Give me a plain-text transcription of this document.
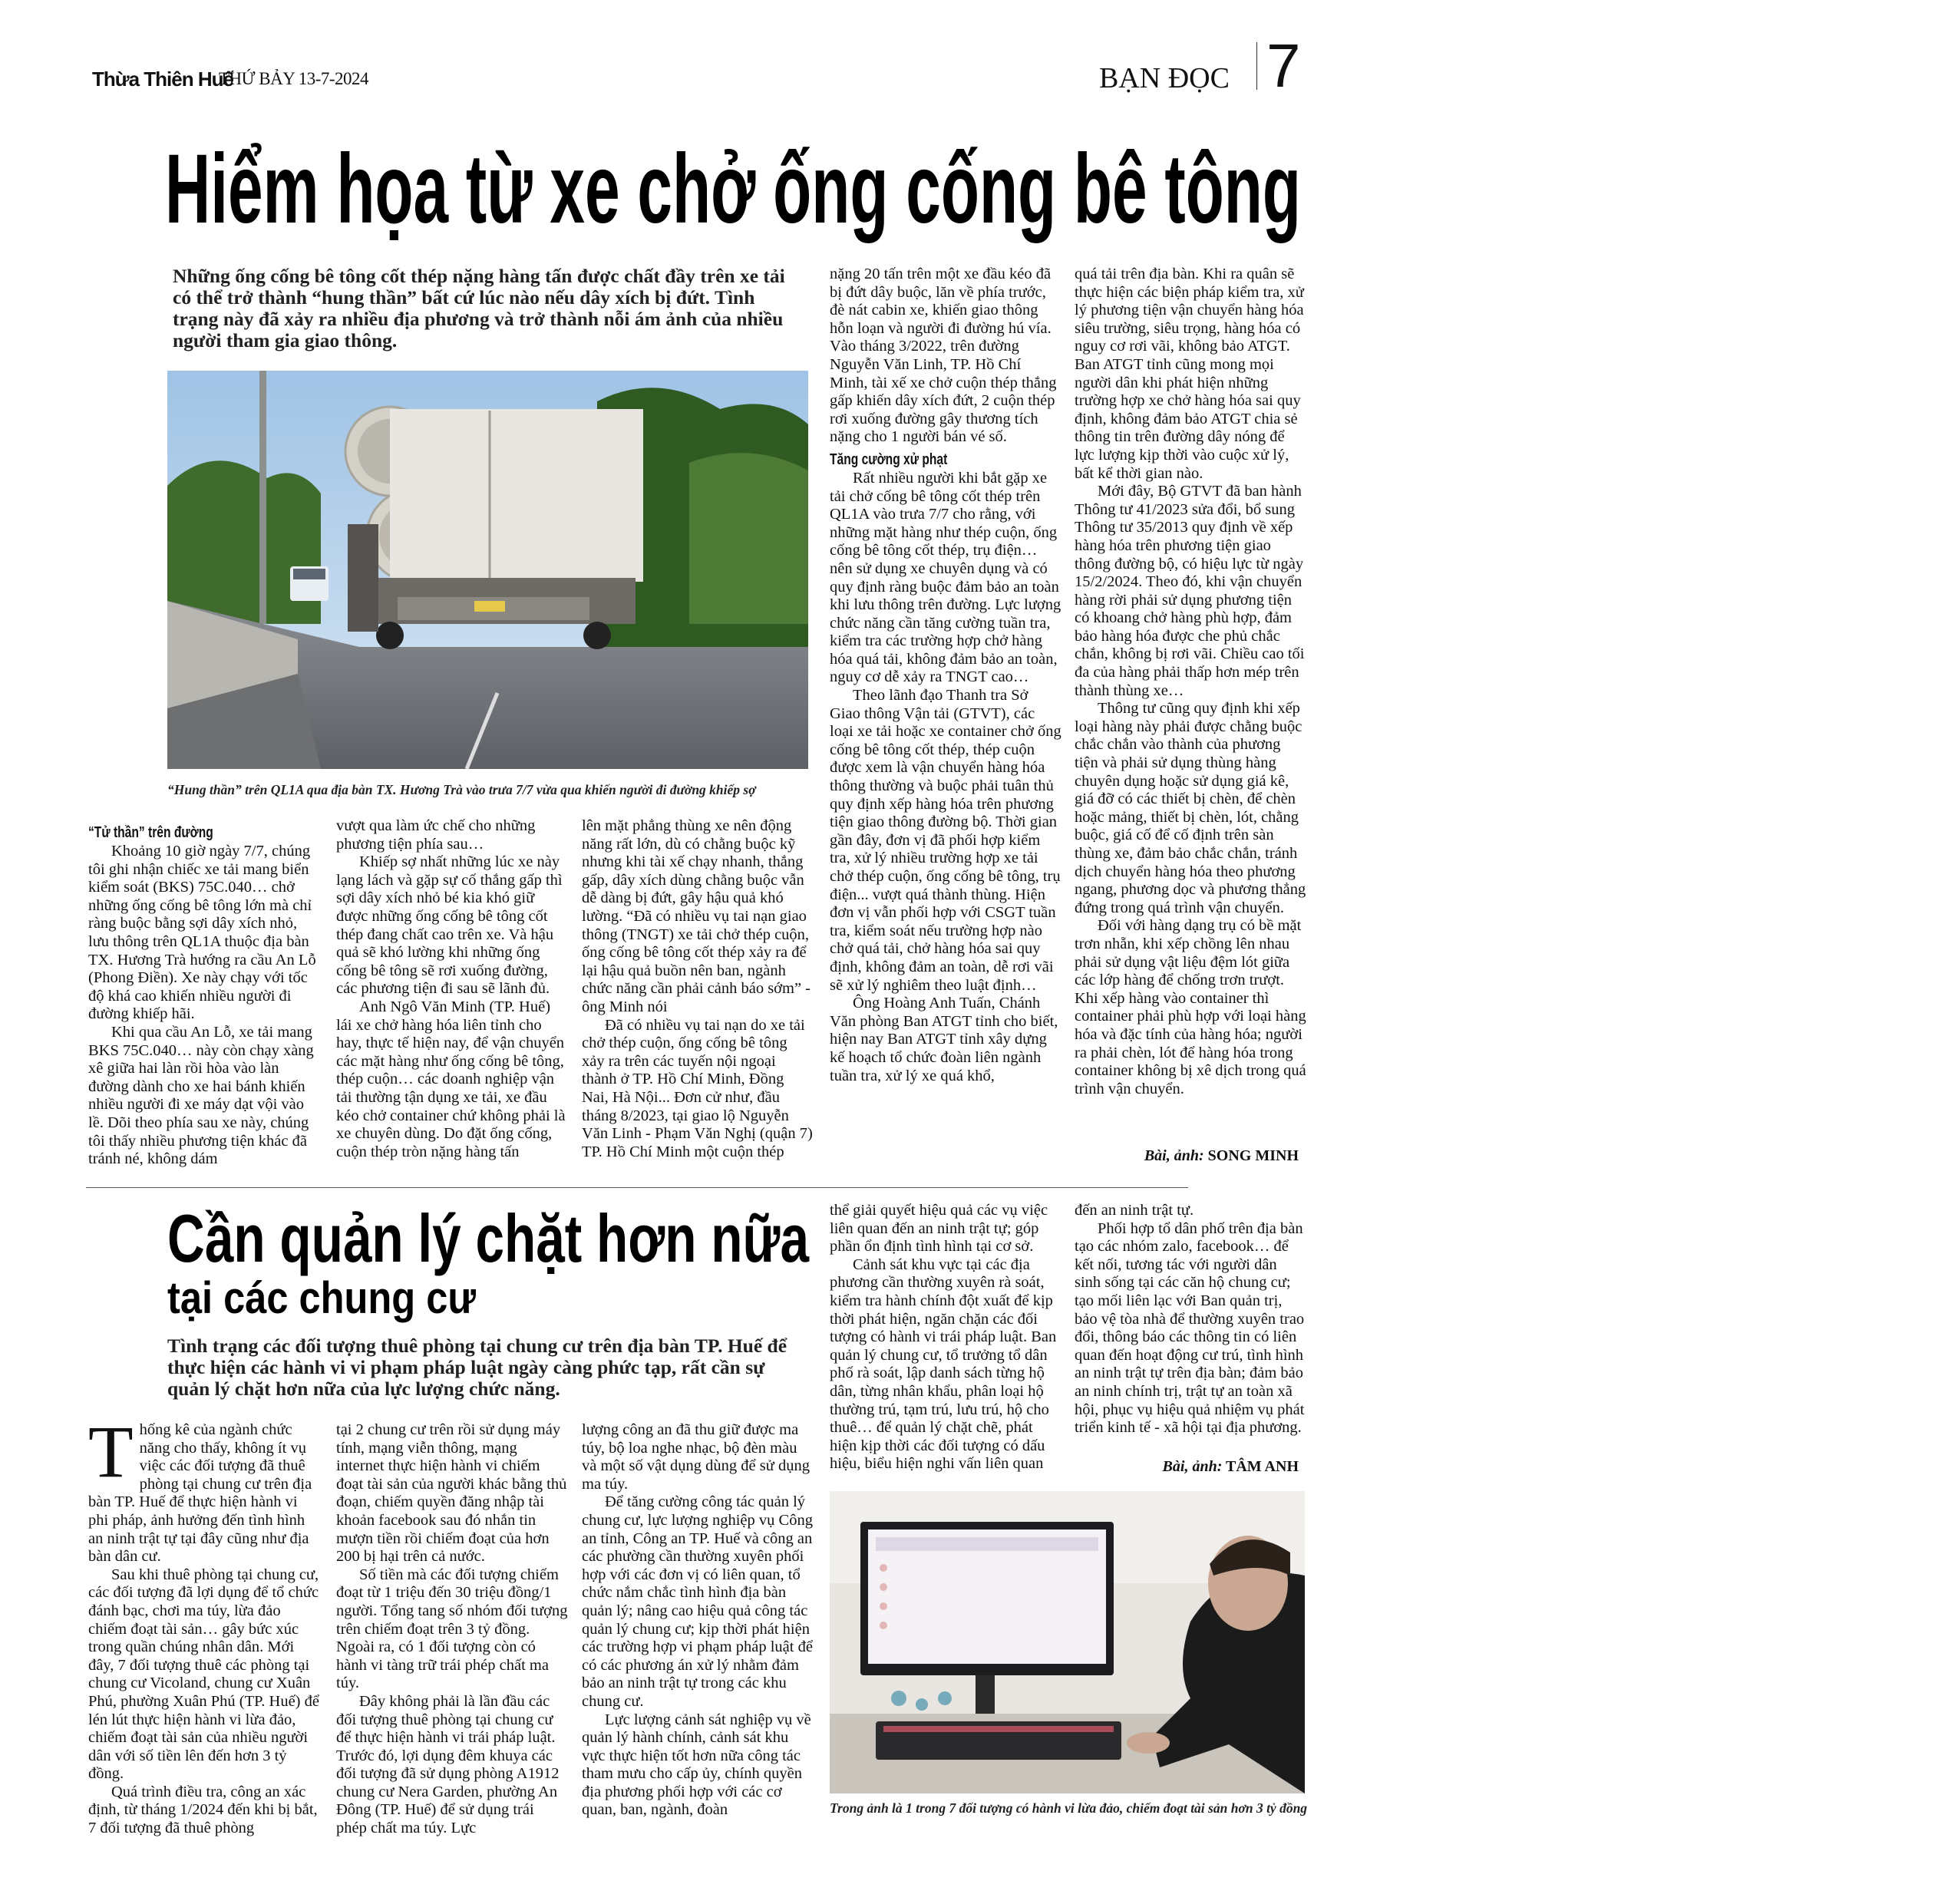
Thừa Thiên Huế
THỨ BẢY 13-7-2024	BẠN ĐỌC 7
Hiểm họa từ xe chở ống cống bê tông
Những ống cống bê tông cốt thép nặng hàng tấn được chất đầy trên xe tải có thể trở thành “hung thần” bất cứ lúc nào nếu dây xích bị đứt. Tình trạng này đã xảy ra nhiều địa phương và trở thành nỗi ám ảnh của nhiều người tham gia giao thông.
“Hung thần” trên QL1A qua địa bàn TX. Hương Trà vào trưa 7/7 vừa qua khiến người đi đường khiếp sợ
“Tử thần” trên đường

Khoảng 10 giờ ngày 7/7, chúng tôi ghi nhận chiếc xe tải mang biển kiểm soát (BKS) 75C.040… chở những ống cống bê tông lớn mà chỉ ràng buộc bằng sợi dây xích nhỏ, lưu thông trên QL1A thuộc địa bàn TX. Hương Trà hướng ra cầu An Lỗ (Phong Điền). Xe này chạy với tốc độ khá cao khiến nhiều người đi đường khiếp hãi.

Khi qua cầu An Lỗ, xe tải mang BKS 75C.040… này còn chạy xàng xê giữa hai làn rồi hòa vào làn đường dành cho xe hai bánh khiến nhiều người đi xe máy dạt vội vào lề. Dõi theo phía sau xe này, chúng tôi thấy nhiều phương tiện khác đã tránh né, không dám

vượt qua làm ức chế cho những phương tiện phía sau…

Khiếp sợ nhất những lúc xe này lạng lách và gặp sự cố thắng gấp thì sợi dây xích nhỏ bé kia khó giữ được những ống cống bê tông cốt thép đang chất cao trên xe. Và hậu quả sẽ khó lường khi những ống cống bê tông sẽ rơi xuống đường, các phương tiện đi sau sẽ lãnh đủ.

Anh Ngô Văn Minh (TP. Huế) lái xe chở hàng hóa liên tỉnh cho hay, thực tế hiện nay, để vận chuyển các mặt hàng như ống cống bê tông, thép cuộn… các doanh nghiệp vận tải thường tận dụng xe tải, xe đầu kéo chở container chứ không phải là xe chuyên dùng. Do đặt ống cống, cuộn thép tròn nặng hàng tấn

lên mặt phẳng thùng xe nên động năng rất lớn, dù có chằng buộc kỹ nhưng khi tài xế chạy nhanh, thắng gấp, dây xích dùng chằng buộc vẫn dễ dàng bị đứt, gây hậu quả khó lường. “Đã có nhiều vụ tai nạn giao thông (TNGT) xe tải chở thép cuộn, ống cống bê tông cốt thép xảy ra để lại hậu quả buồn nên ban, ngành chức năng cần phải cảnh báo sớm” - ông Minh nói

Đã có nhiều vụ tai nạn do xe tải chở thép cuộn, ống cống bê tông xảy ra trên các tuyến nội ngoại thành ở TP. Hồ Chí Minh, Đồng Nai, Hà Nội... Đơn cử như, đầu tháng 8/2023, tại giao lộ Nguyễn Văn Linh - Phạm Văn Nghị (quận 7) TP. Hồ Chí Minh một cuộn thép

nặng 20 tấn trên một xe đầu kéo đã bị đứt dây buộc, lăn về phía trước, đè nát cabin xe, khiến giao thông hỗn loạn và người đi đường hú vía. Vào tháng 3/2022, trên đường Nguyễn Văn Linh, TP. Hồ Chí Minh, tài xế xe chở cuộn thép thắng gấp khiến dây xích đứt, 2 cuộn thép rơi xuống đường gây thương tích nặng cho 1 người bán vé số.

Tăng cường xử phạt

Rất nhiều người khi bắt gặp xe tải chở cống bê tông cốt thép trên QL1A vào trưa 7/7 cho rằng, với những mặt hàng như thép cuộn, ống cống bê tông cốt thép, trụ điện… nên sử dụng xe chuyên dụng và có quy định ràng buộc đảm bảo an toàn khi lưu thông trên đường. Lực lượng chức năng cần tăng cường tuần tra, kiểm tra các trường hợp chở hàng hóa quá tải, không đảm bảo an toàn, nguy cơ dễ xảy ra TNGT cao…

Theo lãnh đạo Thanh tra Sở Giao thông Vận tải (GTVT), các loại xe tải hoặc xe container chở ống cống bê tông cốt thép, thép cuộn được xem là vận chuyển hàng hóa thông thường và buộc phải tuân thủ quy định xếp hàng hóa trên phương tiện giao thông đường bộ. Thời gian gần đây, đơn vị đã phối hợp kiểm tra, xử lý nhiều trường hợp xe tải chở thép cuộn, ống cống bê tông, trụ điện... vượt quá thành thùng. Hiện đơn vị vẫn phối hợp với CSGT tuần tra, kiểm soát nếu trường hợp nào chở quá tải, chở hàng hóa sai quy định, không đảm an toàn, dễ rơi vãi sẽ xử lý nghiêm theo luật định…

Ông Hoàng Anh Tuấn, Chánh Văn phòng Ban ATGT tỉnh cho biết, hiện nay Ban ATGT tỉnh xây dựng kế hoạch tổ chức đoàn liên ngành tuần tra, xử lý xe quá khổ,

quá tải trên địa bàn. Khi ra quân sẽ thực hiện các biện pháp kiểm tra, xử lý phương tiện vận chuyển hàng hóa siêu trường, siêu trọng, hàng hóa có nguy cơ rơi vãi, không bảo ATGT. Ban ATGT tỉnh cũng mong mọi người dân khi phát hiện những trường hợp xe chở hàng hóa sai quy định, không đảm bảo ATGT chia sẻ thông tin trên đường dây nóng để lực lượng kịp thời vào cuộc xử lý, bất kể thời gian nào.

Mới đây, Bộ GTVT đã ban hành Thông tư 41/2023 sửa đổi, bổ sung Thông tư 35/2013 quy định về xếp hàng hóa trên phương tiện giao thông đường bộ, có hiệu lực từ ngày 15/2/2024. Theo đó, khi vận chuyển hàng rời phải sử dụng phương tiện có khoang chở hàng phù hợp, đảm bảo hàng hóa được che phủ chắc chắn, không bị rơi vãi. Chiều cao tối đa của hàng phải thấp hơn mép trên thành thùng xe…

Thông tư cũng quy định khi xếp loại hàng này phải được chằng buộc chắc chắn vào thành của phương tiện và phải sử dụng thùng hàng chuyên dụng hoặc sử dụng giá kê, giá đỡ có các thiết bị chèn, để chèn hoặc mảng, thiết bị chèn, lót, chằng buộc, giá cố để cố định trên sàn thùng xe, đảm bảo chắc chắn, tránh dịch chuyển hàng hóa theo phương ngang, phương dọc và phương thẳng đứng trong quá trình vận chuyển.

Đối với hàng dạng trụ có bề mặt trơn nhẵn, khi xếp chồng lên nhau phải sử dụng vật liệu đệm lót giữa các lớp hàng để chống trơn trượt. Khi xếp hàng vào container thì container phải phù hợp với loại hàng hóa và đặc tính của hàng hóa; người ra phải chèn, lót để hàng hóa trong container không bị xê dịch trong quá trình vận chuyển.

Bài, ảnh: SONG MINH
Cần quản lý chặt hơn nữa
tại các chung cư
Tình trạng các đối tượng thuê phòng tại chung cư trên địa bàn TP. Huế để thực hiện các hành vi vi phạm pháp luật ngày càng phức tạp, rất cần sự quản lý chặt hơn nữa của lực lượng chức năng.
T hống kê của ngành chức năng cho thấy, không ít vụ việc các đối tượng đã thuê phòng tại chung cư trên địa bàn TP. Huế để thực hiện hành vi phi pháp, ảnh hưởng đến tình hình an ninh trật tự tại đây cũng như địa bàn dân cư.

Sau khi thuê phòng tại chung cư, các đối tượng đã lợi dụng để tổ chức đánh bạc, chơi ma túy, lừa đảo chiếm đoạt tài sản… gây bức xúc trong quần chúng nhân dân. Mới đây, 7 đối tượng thuê các phòng tại chung cư Vicoland, chung cư Xuân Phú, phường Xuân Phú (TP. Huế) để lén lút thực hiện hành vi lừa đảo, chiếm đoạt tài sản của nhiều người dân với số tiền lên đến hơn 3 tỷ đồng.

Quá trình điều tra, công an xác định, từ tháng 1/2024 đến khi bị bắt, 7 đối tượng đã thuê phòng

tại 2 chung cư trên rồi sử dụng máy tính, mạng viễn thông, mạng internet thực hiện hành vi chiếm đoạt tài sản của người khác bằng thủ đoạn, chiếm quyền đăng nhập tài khoản facebook sau đó nhắn tin mượn tiền rồi chiếm đoạt của hơn 200 bị hại trên cả nước.

Số tiền mà các đối tượng chiếm đoạt từ 1 triệu đến 30 triệu đồng/1 người. Tổng tang số nhóm đối tượng trên chiếm đoạt trên 3 tỷ đồng. Ngoài ra, có 1 đối tượng còn có hành vi tàng trữ trái phép chất ma túy.

Đây không phải là lần đầu các đối tượng thuê phòng tại chung cư để thực hiện hành vi trái pháp luật. Trước đó, lợi dụng đêm khuya các đối tượng đã sử dụng phòng A1912 chung cư Nera Garden, phường An Đông (TP. Huế) để sử dụng trái phép chất ma túy. Lực

lượng công an đã thu giữ được ma túy, bộ loa nghe nhạc, bộ đèn màu và một số vật dụng dùng để sử dụng ma túy.

Để tăng cường công tác quản lý chung cư, lực lượng nghiệp vụ Công an tỉnh, Công an TP. Huế và công an các phường cần thường xuyên phối hợp với các đơn vị có liên quan, tổ chức nắm chắc tình hình địa bàn quản lý; nâng cao hiệu quả công tác quản lý chung cư; kịp thời phát hiện các trường hợp vi phạm pháp luật để có các phương án xử lý nhằm đảm bảo an ninh trật tự trong các khu chung cư.

Lực lượng cảnh sát nghiệp vụ về quản lý hành chính, cảnh sát khu vực thực hiện tốt hơn nữa công tác tham mưu cho cấp ủy, chính quyền địa phương phối hợp với các cơ quan, ban, ngành, đoàn

thể giải quyết hiệu quả các vụ việc liên quan đến an ninh trật tự; góp phần ổn định tình hình tại cơ sở.

Cảnh sát khu vực tại các địa phương cần thường xuyên rà soát, kiểm tra hành chính đột xuất để kịp thời phát hiện, ngăn chặn các đối tượng có hành vi trái pháp luật. Ban quản lý chung cư, tổ trưởng tổ dân phố rà soát, lập danh sách từng hộ dân, từng nhân khẩu, phân loại hộ thường trú, tạm trú, lưu trú, hộ cho thuê… để quản lý chặt chẽ, phát hiện kịp thời các đối tượng có dấu hiệu, biểu hiện nghi vấn liên quan

đến an ninh trật tự.

Phối hợp tổ dân phố trên địa bàn tạo các nhóm zalo, facebook… để kết nối, tương tác với người dân sinh sống tại các căn hộ chung cư; tạo mối liên lạc với Ban quản trị, bảo vệ tòa nhà để thường xuyên trao đổi, thông báo các thông tin có liên quan đến hoạt động cư trú, tình hình an ninh trật tự trên địa bàn; đảm bảo an ninh chính trị, trật tự an toàn xã hội, phục vụ hiệu quả nhiệm vụ phát triển kinh tế - xã hội tại địa phương.

Bài, ảnh: TÂM ANH
Trong ảnh là 1 trong 7 đối tượng có hành vi lừa đảo, chiếm đoạt tài sản hơn 3 tỷ đồng
